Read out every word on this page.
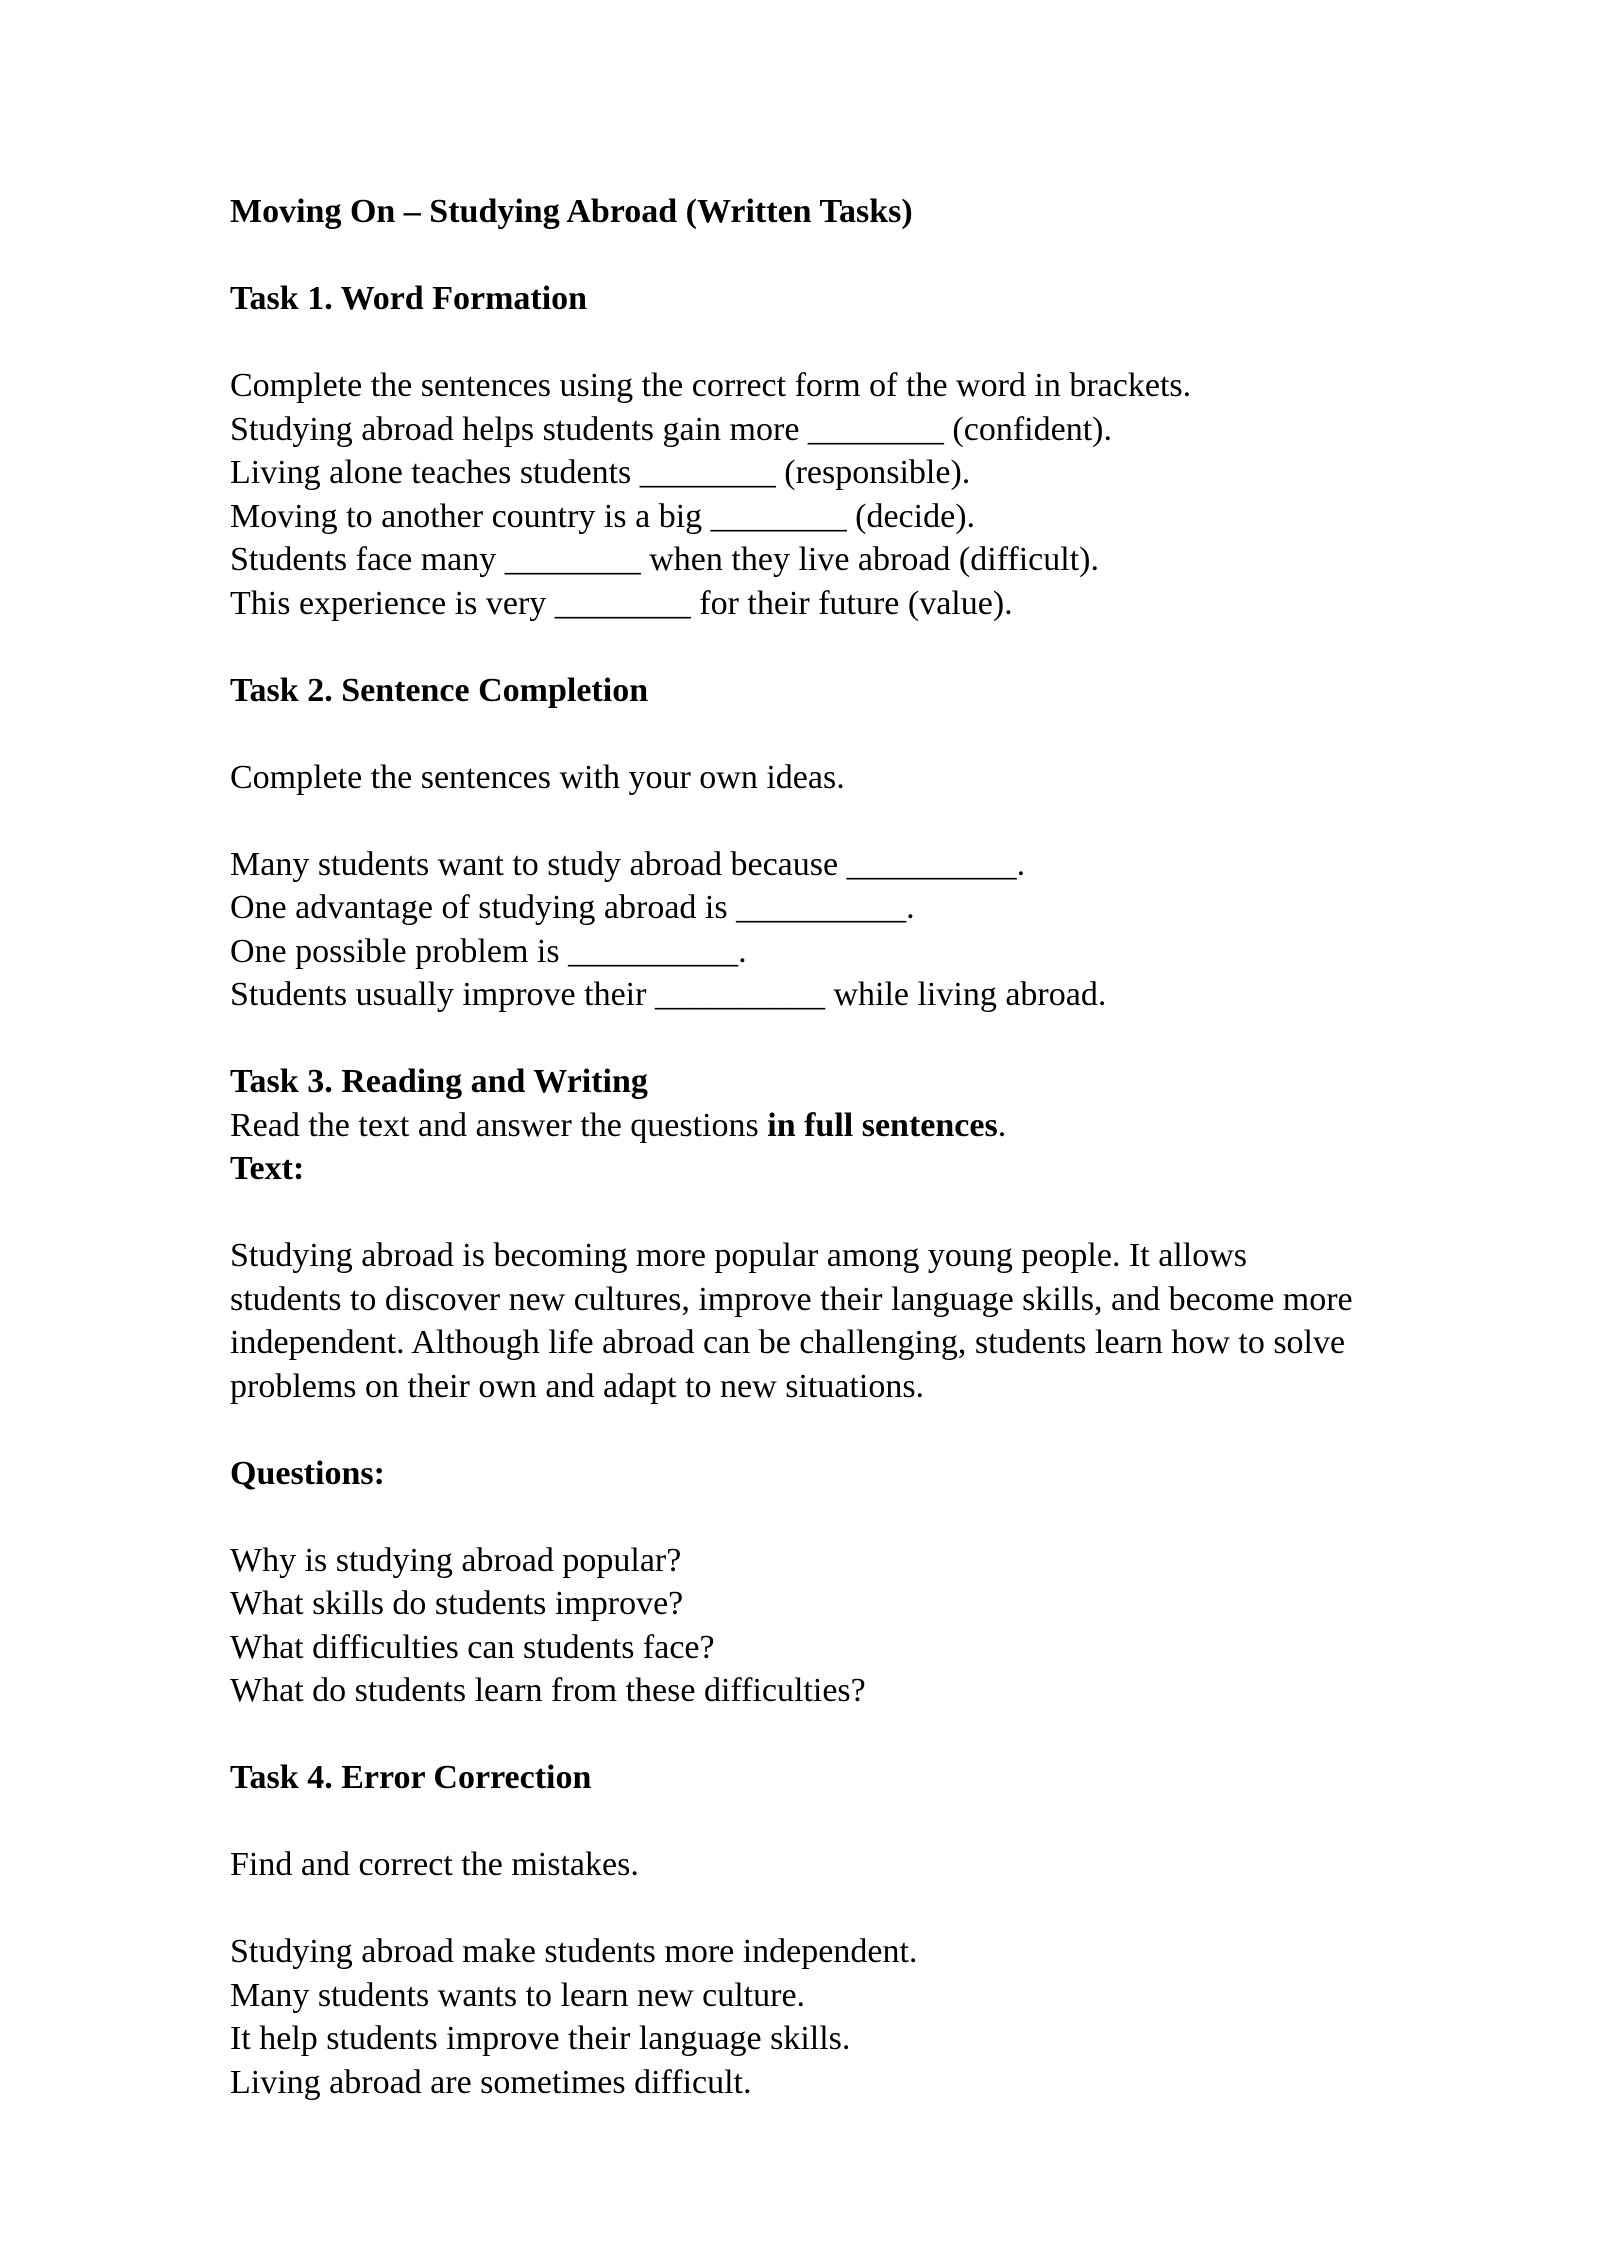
Moving On – Studying Abroad (Written Tasks)
Task 1. Word Formation
Complete the sentences using the correct form of the word in brackets.
Studying abroad helps students gain more ________ (confident).
Living alone teaches students ________ (responsible).
Moving to another country is a big ________ (decide).
Students face many ________ when they live abroad (difficult).
This experience is very ________ for their future (value).
Task 2. Sentence Completion
Complete the sentences with your own ideas.
Many students want to study abroad because __________.
One advantage of studying abroad is __________.
One possible problem is __________.
Students usually improve their __________ while living abroad.
Task 3. Reading and Writing
Read the text and answer the questions in full sentences.
Text:
Studying abroad is becoming more popular among young people. It allows
students to discover new cultures, improve their language skills, and become more
independent. Although life abroad can be challenging, students learn how to solve
problems on their own and adapt to new situations.
Questions:
Why is studying abroad popular?
What skills do students improve?
What difficulties can students face?
What do students learn from these difficulties?
Task 4. Error Correction
Find and correct the mistakes.
Studying abroad make students more independent.
Many students wants to learn new culture.
It help students improve their language skills.
Living abroad are sometimes difficult.
